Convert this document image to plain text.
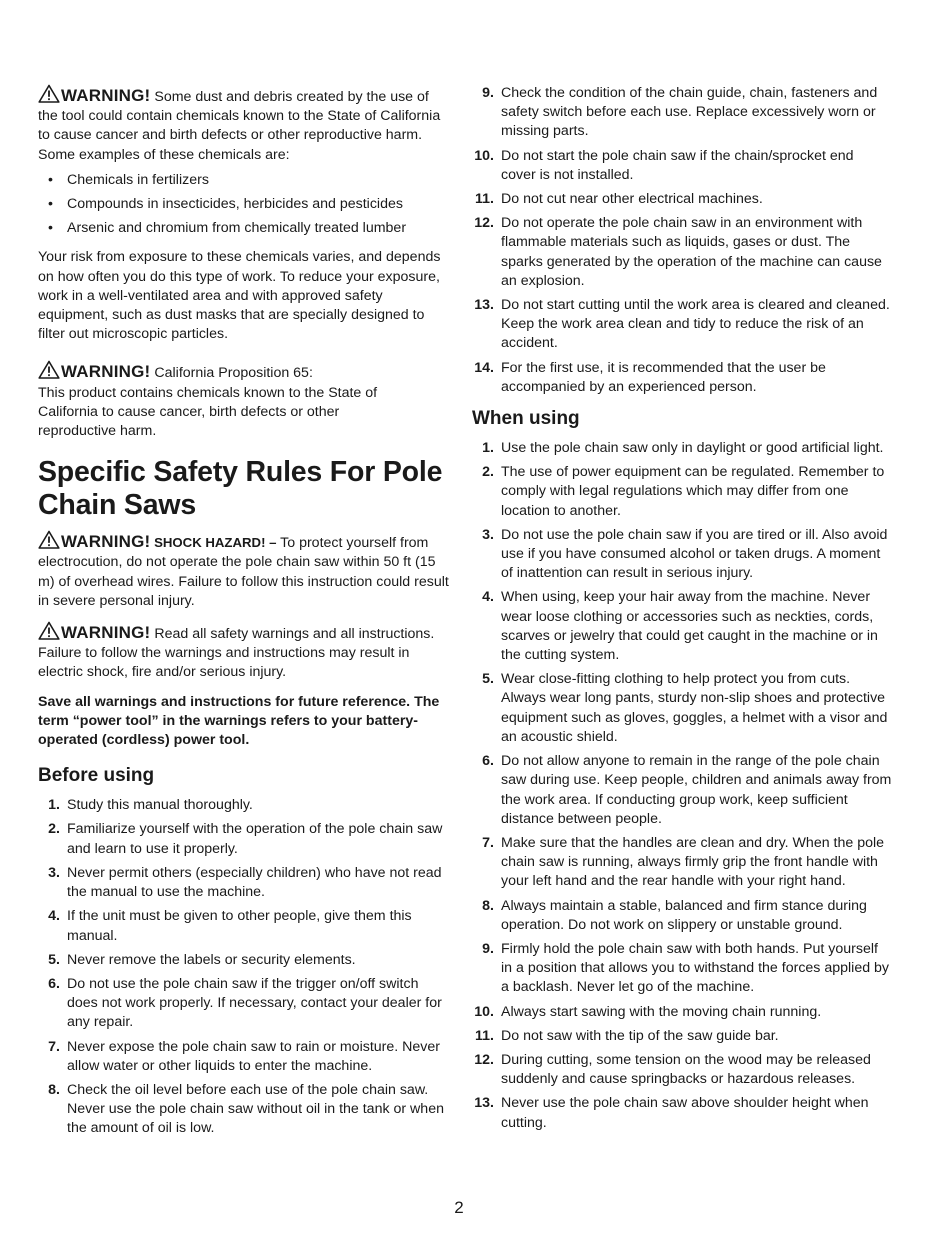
WARNING! Some dust and debris created by the use of the tool could contain chemicals known to the State of California to cause cancer and birth defects or other reproductive harm. Some examples of these chemicals are:

• Chemicals in fertilizers
• Compounds in insecticides, herbicides and pesticides
• Arsenic and chromium from chemically treated lumber

Your risk from exposure to these chemicals varies, and depends on how often you do this type of work. To reduce your exposure, work in a well-ventilated area and with approved safety equipment, such as dust masks that are specially designed to filter out microscopic particles.

WARNING! California Proposition 65:

This product contains chemicals known to the State of California to cause cancer, birth defects or other reproductive harm.

Specific Safety Rules For Pole Chain Saws

WARNING! SHOCK HAZARD! – To protect yourself from electrocution, do not operate the pole chain saw within 50 ft (15 m) of overhead wires. Failure to follow this instruction could result in severe personal injury.

WARNING! Read all safety warnings and all instructions. Failure to follow the warnings and instructions may result in electric shock, fire and/or serious injury.

Save all warnings and instructions for future reference. The term “power tool” in the warnings refers to your battery-operated (cordless) power tool.

Before using
1. Study this manual thoroughly.
2. Familiarize yourself with the operation of the pole chain saw and learn to use it properly.
3. Never permit others (especially children) who have not read the manual to use the machine.
4. If the unit must be given to other people, give them this manual.
5. Never remove the labels or security elements.
6. Do not use the pole chain saw if the trigger on/off switch does not work properly. If necessary, contact your dealer for any repair.
7. Never expose the pole chain saw to rain or moisture. Never allow water or other liquids to enter the machine.
8. Check the oil level before each use of the pole chain saw. Never use the pole chain saw without oil in the tank or when the amount of oil is low.
9. Check the condition of the chain guide, chain, fasteners and safety switch before each use. Replace excessively worn or missing parts.
10. Do not start the pole chain saw if the chain/sprocket end cover is not installed.
11. Do not cut near other electrical machines.
12. Do not operate the pole chain saw in an environment with flammable materials such as liquids, gases or dust. The sparks generated by the operation of the machine can cause an explosion.
13. Do not start cutting until the work area is cleared and cleaned. Keep the work area clean and tidy to reduce the risk of an accident.
14. For the first use, it is recommended that the user be accompanied by an experienced person.
When using
1. Use the pole chain saw only in daylight or good artificial light.
2. The use of power equipment can be regulated. Remember to comply with legal regulations which may differ from one location to another.
3. Do not use the pole chain saw if you are tired or ill. Also avoid use if you have consumed alcohol or taken drugs. A moment of inattention can result in serious injury.
4. When using, keep your hair away from the machine. Never wear loose clothing or accessories such as neckties, cords, scarves or jewelry that could get caught in the machine or in the cutting system.
5. Wear close-fitting clothing to help protect you from cuts. Always wear long pants, sturdy non-slip shoes and protective equipment such as gloves, goggles, a helmet with a visor and an acoustic shield.
6. Do not allow anyone to remain in the range of the pole chain saw during use. Keep people, children and animals away from the work area. If conducting group work, keep sufficient distance between people.
7. Make sure that the handles are clean and dry. When the pole chain saw is running, always firmly grip the front handle with your left hand and the rear handle with your right hand.
8. Always maintain a stable, balanced and firm stance during operation. Do not work on slippery or unstable ground.
9. Firmly hold the pole chain saw with both hands. Put yourself in a position that allows you to withstand the forces applied by a backlash. Never let go of the machine.
10. Always start sawing with the moving chain running.
11. Do not saw with the tip of the saw guide bar.
12. During cutting, some tension on the wood may be released suddenly and cause springbacks or hazardous releases.
13. Never use the pole chain saw above shoulder height when cutting.
2
